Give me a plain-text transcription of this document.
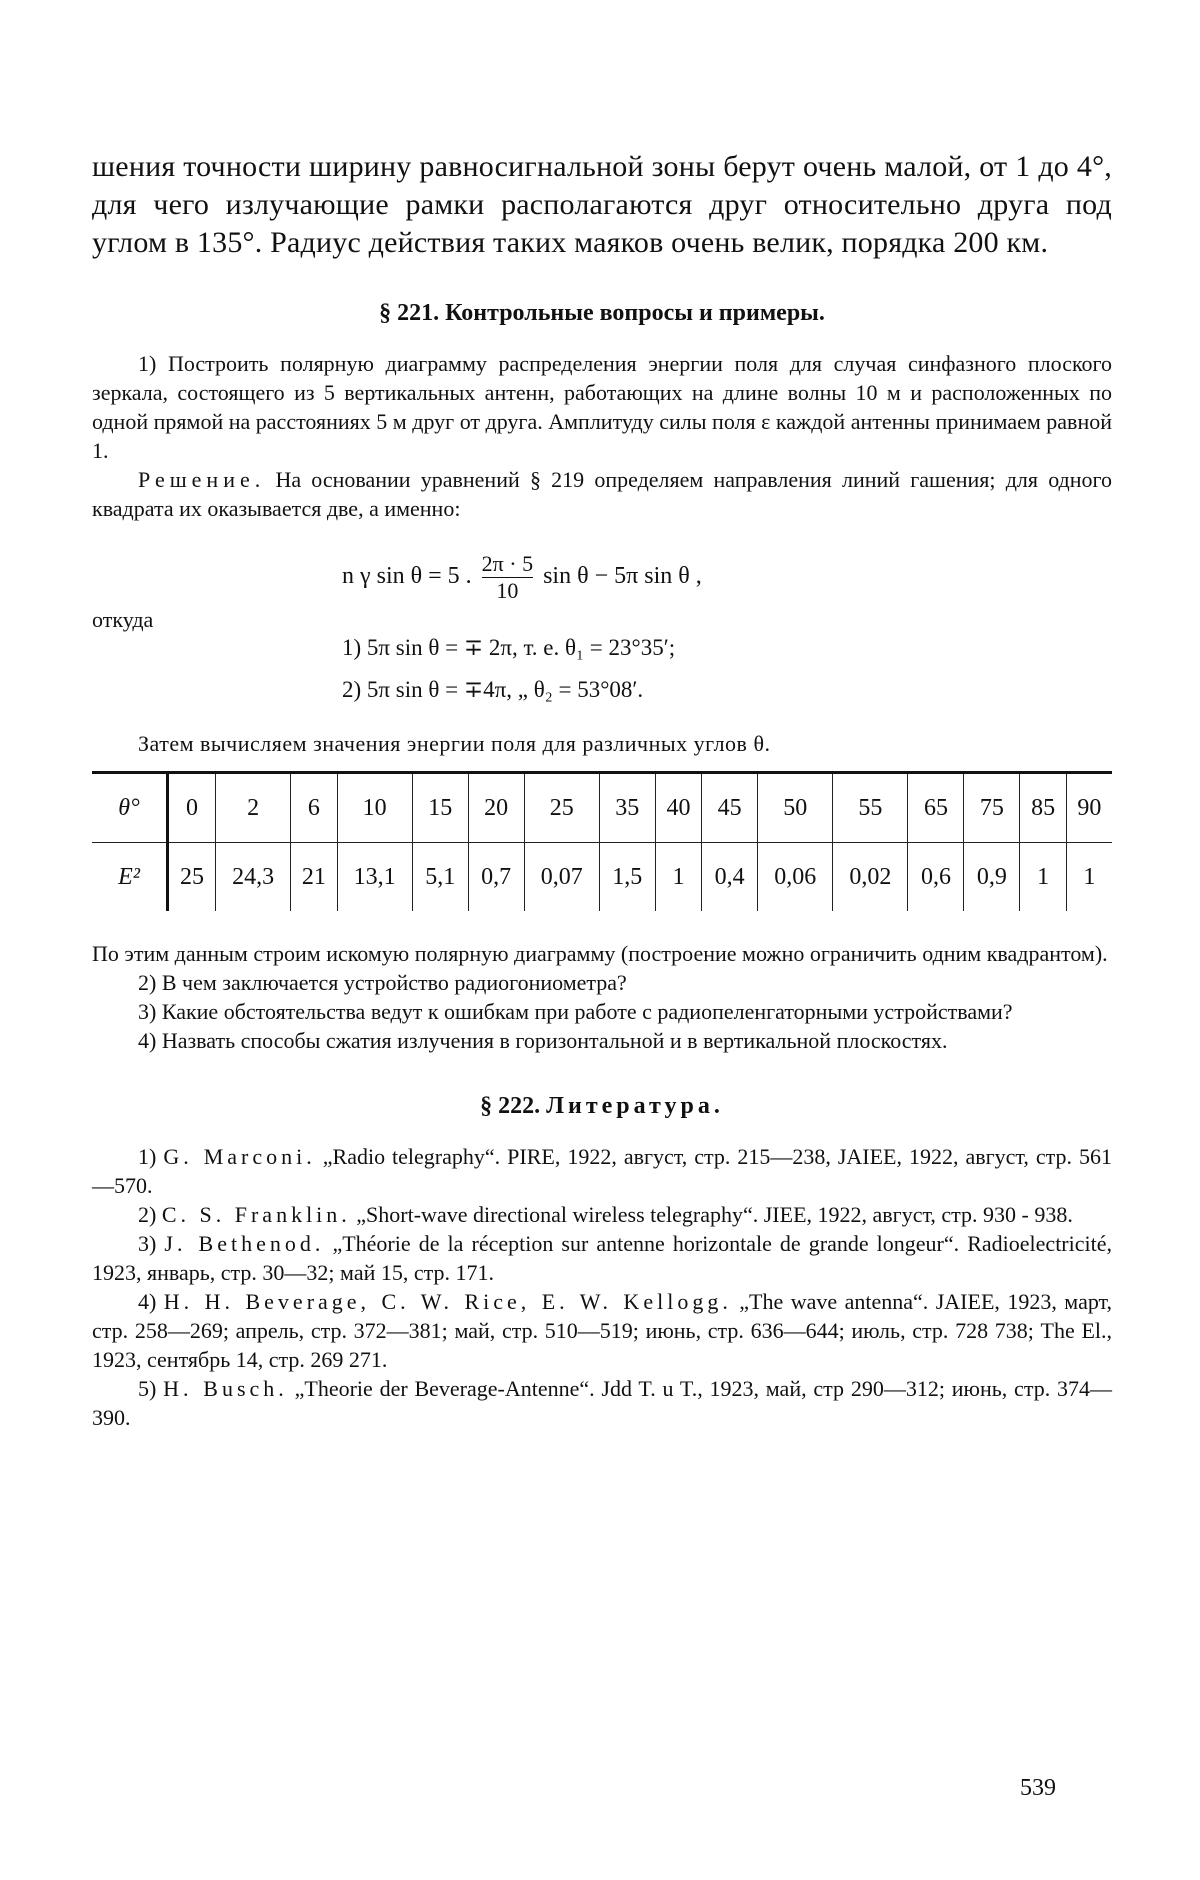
шения точности ширину равносигнальной зоны берут очень малой, от 1 до 4°, для чего излучающие рамки располагаются друг относительно друга под углом в 135°. Радиус действия таких маяков очень велик, порядка 200 км.

§ 221. Контрольные вопросы и примеры.

1) Построить полярную диаграмму распределения энергии поля для случая синфазного плоского зеркала, состоящего из 5 вертикальных антенн, работающих на длине волны 10 м и расположенных по одной прямой на расстояниях 5 м друг от друга. Амплитуду силы поля ε каждой антенны принимаем равной 1.

Решение. На основании уравнений § 219 определяем направления линий гашения; для одного квадрата их оказывается две, а именно:

n γ sin θ = 5 . $\frac{2\pi \cdot 5}{10}$ sin θ − 5π sin θ ,
откуда
1) 5π sin θ = ∓ 2π, т. е. θ₁ = 23°35′;
2) 5π sin θ = ∓4π, „ θ₂ = 53°08′.

Затем вычисляем значения энергии поля для различных углов θ.

θ°	0	2	6	10	15	20	25	35	40	45	50	55	65	75	85	90
E²	25	24,3	21	13,1	5,1	0,7	0,07	1,5	1	0,4	0,06	0,02	0,6	0,9	1	1

По этим данным строим искомую полярную диаграмму (построение можно ограничить одним квадрантом).

2) В чем заключается устройство радиогониометра?

3) Какие обстоятельства ведут к ошибкам при работе с радиопеленгаторными устройствами?

4) Назвать способы сжатия излучения в горизонтальной и в вертикальной плоскостях.

§ 222. Литература.

1) G. Marconi. „Radio telegraphy“. PIRE, 1922, август, стр. 215—238, JAIEE, 1922, август, стр. 561—570.

2) C. S. Franklin. „Short-wave directional wireless telegraphy“. JIEE, 1922, август, стр. 930 - 938.

3) J. Bethenod. „Théorie de la réception sur antenne horizontale de grande longeur“. Radioelectricité, 1923, январь, стр. 30—32; май 15, стр. 171.

4) H. H. Beverage, C. W. Rice, E. W. Kellogg. „The wave antenna“. JAIEE, 1923, март, стр. 258—269; апрель, стр. 372—381; май, стр. 510—519; июнь, стр. 636—644; июль, стр. 728 738; The El., 1923, сентябрь 14, стр. 269 271.

5) H. Busch. „Theorie der Beverage-Antenne“. Jdd T. u T., 1923, май, стр 290—312; июнь, стр. 374—390.

539
